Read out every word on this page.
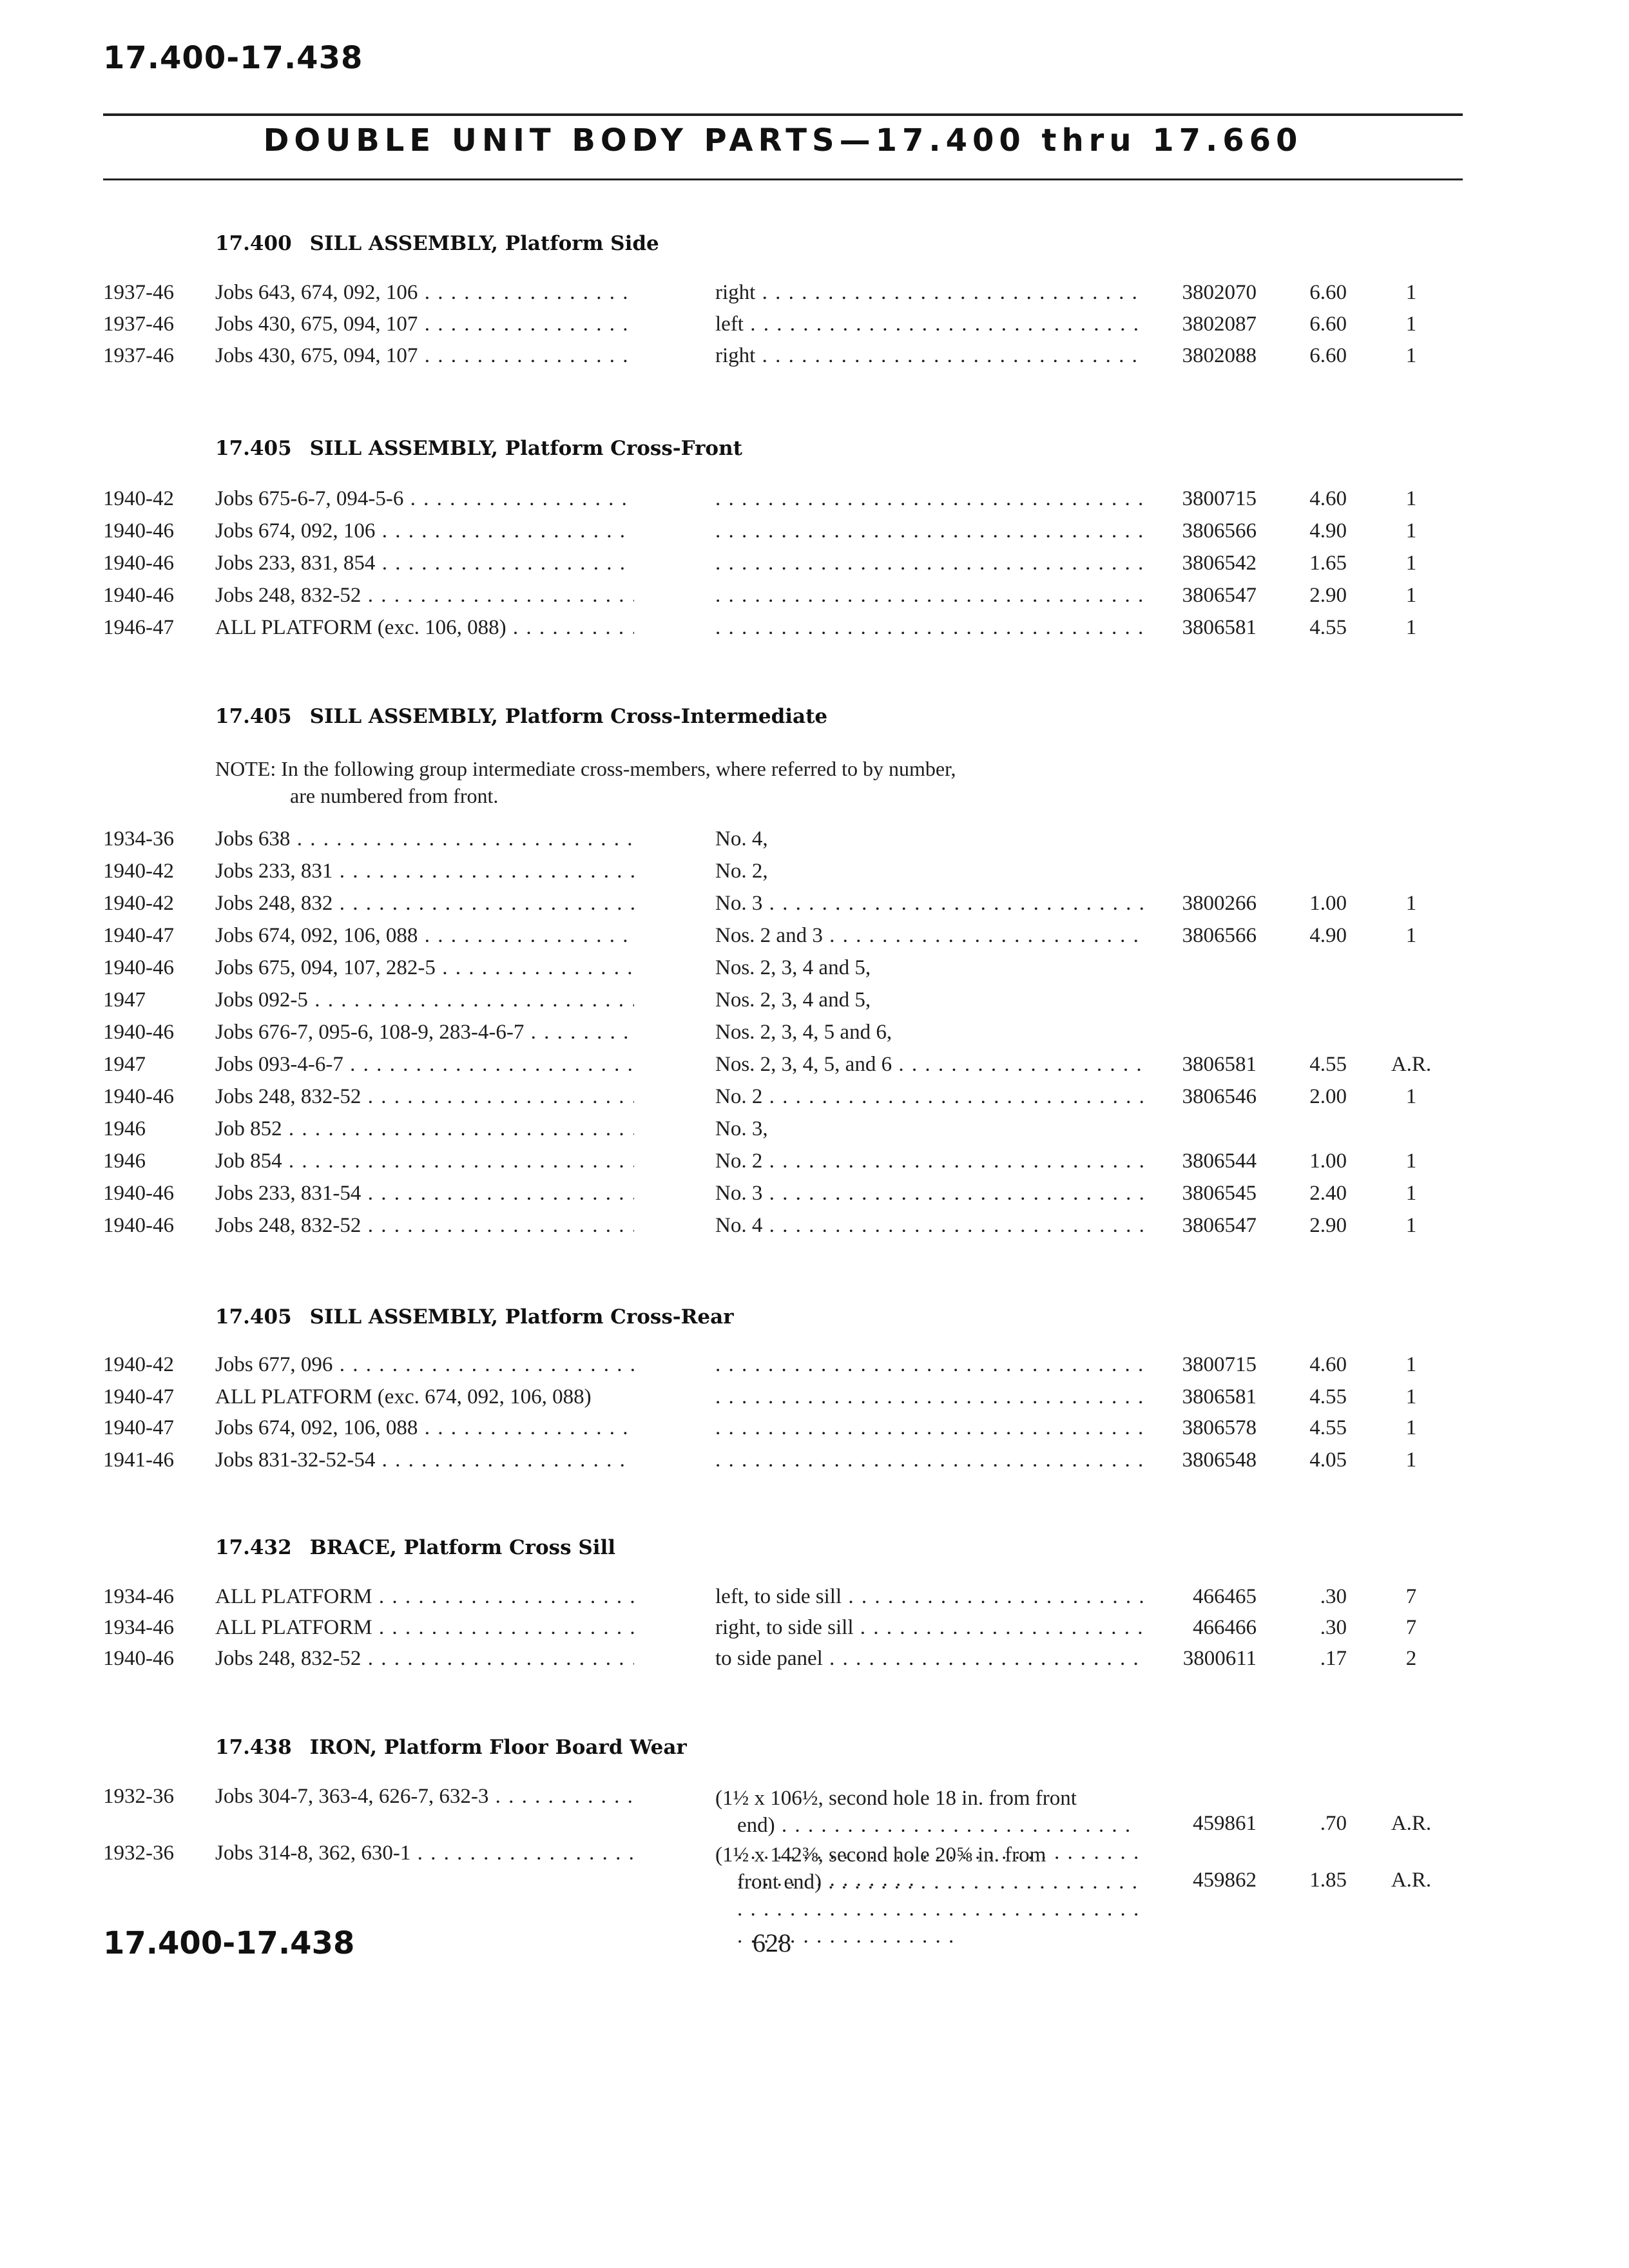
17.400-17.438
DOUBLE UNIT BODY PARTS—17.400 thru 17.660
17.400 SILL ASSEMBLY, Platform Side
1937-46 Jobs 643, 674, 092, 106 . . .	right . . .	3802070	6.60	1
1937-46 Jobs 430, 675, 094, 107 . . .	left . . .	3802087	6.60	1
1937-46 Jobs 430, 675, 094, 107 . . .	right . . .	3802088	6.60	1
17.405 SILL ASSEMBLY, Platform Cross-Front
1940-42 Jobs 675-6-7, 094-5-6 . . . . . .	3800715	4.60	1
1940-46 Jobs 674, 092, 106 . . . . . .	3806566	4.90	1
1940-46 Jobs 233, 831, 854 . . . . . .	3806542	1.65	1
1940-46 Jobs 248, 832-52 . . . . . .	3806547	2.90	1
1946-47 ALL PLATFORM (exc. 106, 088) . . . . . .	3806581	4.55	1
17.405 SILL ASSEMBLY, Platform Cross-Intermediate
NOTE: In the following group intermediate cross-members, where referred to by number,
are numbered from front.
1934-36 Jobs 638 . . .	No. 4,
1940-42 Jobs 233, 831 . . .	No. 2,
1940-42 Jobs 248, 832 . . .	No. 3 . . .	3800266	1.00	1
1940-47 Jobs 674, 092, 106, 088 . . .	Nos. 2 and 3 . . .	3806566	4.90	1
1940-46 Jobs 675, 094, 107, 282-5 . . .	Nos. 2, 3, 4 and 5,
1947	Jobs 092-5 . . .	Nos. 2, 3, 4 and 5,
1940-46 Jobs 676-7, 095-6, 108-9, 283-4-6-7 . . .	Nos. 2, 3, 4, 5 and 6,
1947	Jobs 093-4-6-7 . . .	Nos. 2, 3, 4, 5, and 6 . . .	3806581	4.55	A.R.
1940-46 Jobs 248, 832-52 . . .	No. 2 . . .	3806546	2.00	1
1946	Job 852 . . .	No. 3,
1946	Job 854 . . .	No. 2 . . .	3806544	1.00	1
1940-46 Jobs 233, 831-54 . . .	No. 3 . . .	3806545	2.40	1
1940-46 Jobs 248, 832-52 . . .	No. 4 . . .	3806547	2.90	1
17.405 SILL ASSEMBLY, Platform Cross-Rear
1940-42 Jobs 677, 096 . . . . . .	3800715	4.60	1
1940-47 ALL PLATFORM (exc. 674, 092, 106, 088) . . .	3806581	4.55	1
1940-47 Jobs 674, 092, 106, 088 . . . . . .	3806578	4.55	1
1941-46 Jobs 831-32-52-54 . . . . . .	3806548	4.05	1
17.432 BRACE, Platform Cross Sill
1934-46 ALL PLATFORM . . .	left, to side sill . . .	466465	.30	7
1934-46 ALL PLATFORM . . .	right, to side sill . . .	466466	.30	7
1940-46 Jobs 248, 832-52 . . .	to side panel . . .	3800611	.17	2
17.438 IRON, Platform Floor Board Wear
1932-36 Jobs 304-7, 363-4, 626-7, 632-3 . . .	(1½ x 106½, second hole 18 in. from front
end) . . .	459861	.70	A.R.
1932-36 Jobs 314-8, 362, 630-1 . . .	(1½ x 142⅜, second hole 20⅝ in. from
front end) . . .	459862	1.85	A.R.
17.400-17.438	628
